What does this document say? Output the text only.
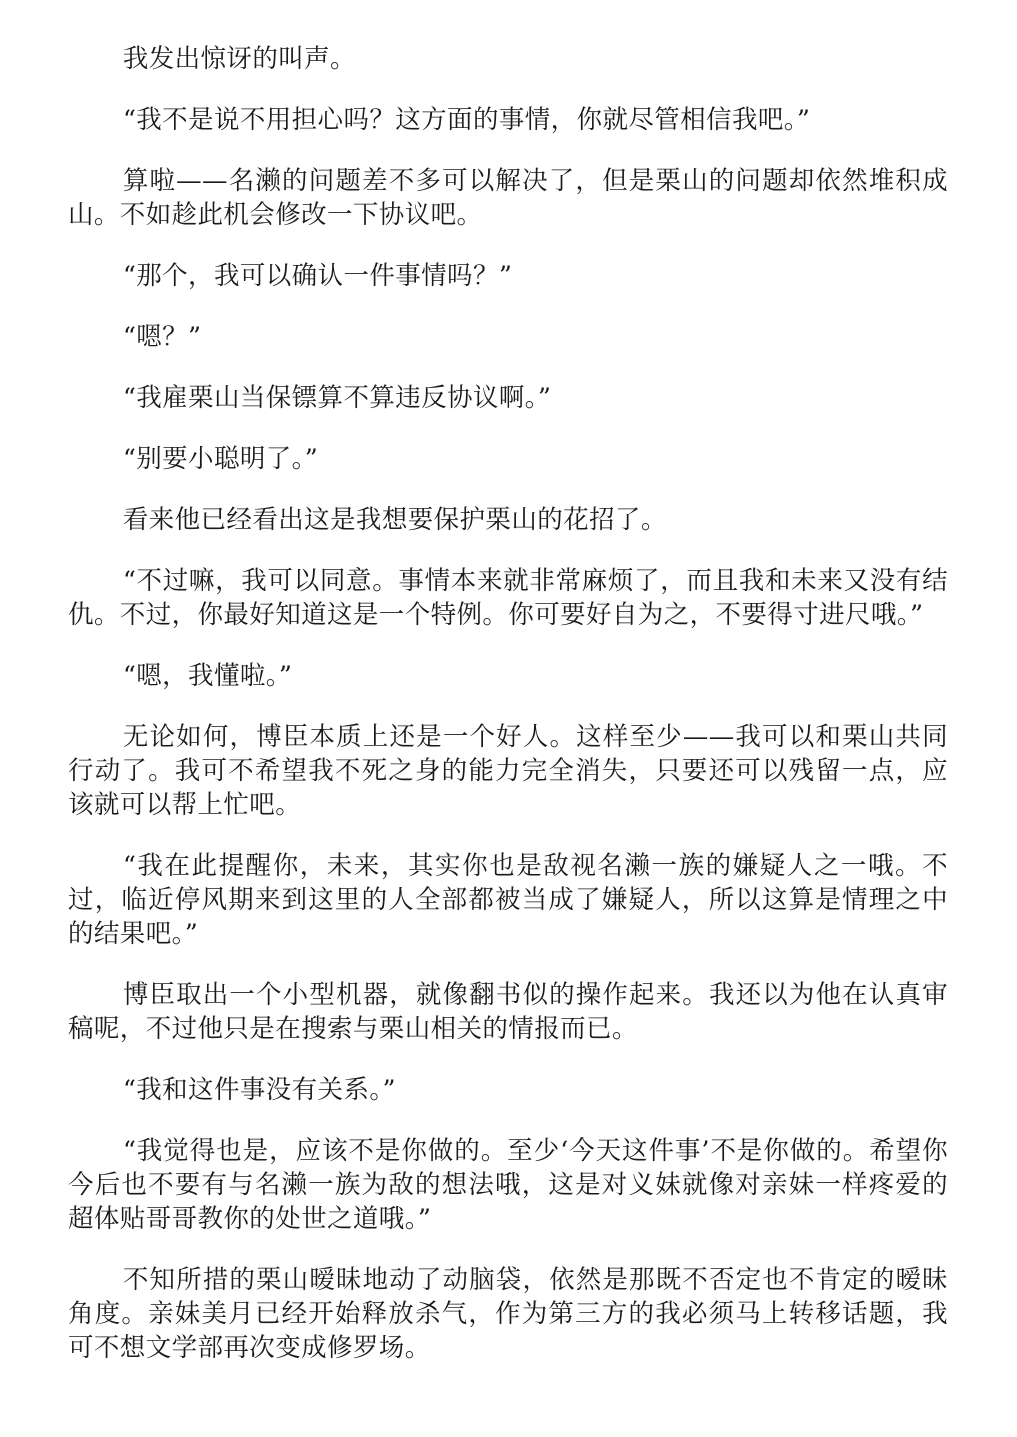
我发出惊讶的叫声。

“我不是说不用担心吗？这方面的事情，你就尽管相信我吧。”

算啦——名濑的问题差不多可以解决了，但是栗山的问题却依然堆积成山。不如趁此机会修改一下协议吧。

“那个，我可以确认一件事情吗？”

“嗯？”

“我雇栗山当保镖算不算违反协议啊。”

“别要小聪明了。”

看来他已经看出这是我想要保护栗山的花招了。

“不过嘛，我可以同意。事情本来就非常麻烦了，而且我和未来又没有结仇。不过，你最好知道这是一个特例。你可要好自为之，不要得寸进尺哦。”

“嗯，我懂啦。”

无论如何，博臣本质上还是一个好人。这样至少——我可以和栗山共同行动了。我可不希望我不死之身的能力完全消失，只要还可以残留一点，应该就可以帮上忙吧。

“我在此提醒你，未来，其实你也是敌视名濑一族的嫌疑人之一哦。不过，临近停风期来到这里的人全部都被当成了嫌疑人，所以这算是情理之中的结果吧。”

博臣取出一个小型机器，就像翻书似的操作起来。我还以为他在认真审稿呢，不过他只是在搜索与栗山相关的情报而已。

“我和这件事没有关系。”

“我觉得也是，应该不是你做的。至少‘今天这件事’不是你做的。希望你今后也不要有与名濑一族为敌的想法哦，这是对义妹就像对亲妹一样疼爱的超体贴哥哥教你的处世之道哦。”

不知所措的栗山暧昧地动了动脑袋，依然是那既不否定也不肯定的暧昧角度。亲妹美月已经开始释放杀气，作为第三方的我必须马上转移话题，我可不想文学部再次变成修罗场。
